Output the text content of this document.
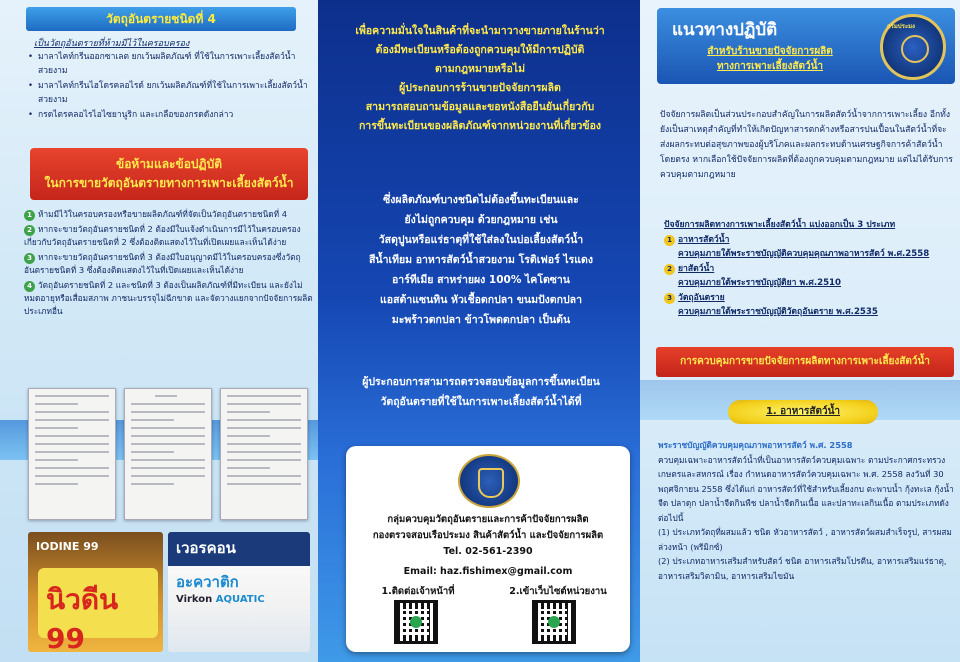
วัตถุอันตรายชนิดที่ 4
เป็นวัตถุอันตรายที่ห้ามมีไว้ในครอบครอง
• มาลาไคท์กรีนออกซาเลต ยกเว้นผลิตภัณฑ์ ที่ใช้ในการเพาะเลี้ยงสัตว์น้ำสวยงาม
• มาลาไคท์กรีนไฮโดรคลอไรด์ ยกเว้นผลิตภัณฑ์ที่ใช้ในการเพาะเลี้ยงสัตว์น้ำสวยงาม
• กรดไตรคลอไรไอไซยานูริก และเกลือของกรดดังกล่าว
ข้อห้ามและข้อปฏิบัติ
ในการขายวัตถุอันตรายทางการเพาะเลี้ยงสัตว์น้ำ
1 ห้ามมีไว้ในครอบครองหรือขายผลิตภัณฑ์ที่จัดเป็นวัตถุอันตรายชนิดที่ 4
2 หากจะขายวัตถุอันตรายชนิดที่ 2 ต้องมีใบแจ้งดำเนินการมีไว้ในครอบครองเกี่ยวกับวัตถุอันตรายชนิดที่ 2 ซึ่งต้องติดแสดงไว้ในที่เปิดเผยและเห็นได้ง่าย
3 หากจะขายวัตถุอันตรายชนิดที่ 3 ต้องมีใบอนุญาตมีไว้ในครอบครองซึ่งวัตถุอันตรายชนิดที่ 3 ซึ่งต้องติดแสดงไว้ในที่เปิดเผยและเห็นได้ง่าย
4 วัตถุอันตรายชนิดที่ 2 และชนิดที่ 3 ต้องเป็นผลิตภัณฑ์ที่มีทะเบียน และยังไม่หมดอายุหรือเสื่อมสภาพ ภาชนะบรรจุไม่ฉีกขาด และจัดวางแยกจากปัจจัยการผลิตประเภทอื่น
IODINE 99
นิวดีน 99
เวอรคอน
อะควาติก
Virkon AQUATIC
เพื่อความมั่นใจในสินค้าที่จะนำมาวางขายภายในร้านว่า
ต้องมีทะเบียนหรือต้องถูกควบคุมให้มีการปฏิบัติ
ตามกฎหมายหรือไม่
ผู้ประกอบการร้านขายปัจจัยการผลิต
สามารถสอบถามข้อมูลและขอหนังสือยืนยันเกี่ยวกับ
การขึ้นทะเบียนของผลิตภัณฑ์จากหน่วยงานที่เกี่ยวข้อง
ซึ่งผลิตภัณฑ์บางชนิดไม่ต้องขึ้นทะเบียนและ
ยังไม่ถูกควบคุม ด้วยกฎหมาย เช่น
วัสดุปูนหรือแร่ธาตุที่ใช้ใส่ลงในบ่อเลี้ยงสัตว์น้ำ
สีน้ำเทียม อาหารสัตว์น้ำสวยงาม โรติเฟอร์ ไรแดง
อาร์ทีเมีย สาหร่ายผง 100% ไคโตซาน
แอสต้าแซนทิน หัวเชื้อตกปลา ขนมปังตกปลา
มะพร้าวตกปลา ข้าวโพดตกปลา เป็นต้น
ผู้ประกอบการสามารถตรวจสอบข้อมูลการขึ้นทะเบียน
วัตถุอันตรายที่ใช้ในการเพาะเลี้ยงสัตว์น้ำได้ที่
กลุ่มควบคุมวัตถุอันตรายและการค้าปัจจัยการผลิต
กองตรวจสอบเรือประมง สินค้าสัตว์น้ำ และปัจจัยการผลิต
Tel. 02-561-2390
Email: haz.fishimex@gmail.com
1.ติดต่อเจ้าหน้าที่	2.เข้าเว็บไซต์หน่วยงาน
แนวทางปฏิบัติ
สำหรับร้านขายปัจจัยการผลิต
ทางการเพาะเลี้ยงสัตว์น้ำ
กรมประมง
ปัจจัยการผลิตเป็นส่วนประกอบสำคัญในการผลิตสัตว์น้ำจากการเพาะเลี้ยง อีกทั้งยังเป็นสาเหตุสำคัญที่ทำให้เกิดปัญหาสารตกค้างหรือสารปนเปื้อนในสัตว์น้ำที่จะส่งผลกระทบต่อสุขภาพของผู้บริโภคและผลกระทบด้านเศรษฐกิจการค้าสัตว์น้ำ โดยตรง หากเลือกใช้ปัจจัยการผลิตที่ต้องถูกควบคุมตามกฎหมาย แต่ไม่ได้รับการควบคุมตามกฎหมาย
ปัจจัยการผลิตทางการเพาะเลี้ยงสัตว์น้ำ แบ่งออกเป็น 3 ประเภท
1 อาหารสัตว์น้ำ
ควบคุมภายใต้พระราชบัญญัติควบคุมคุณภาพอาหารสัตว์ พ.ศ.2558
2 ยาสัตว์น้ำ
ควบคุมภายใต้พระราชบัญญัติยา พ.ศ.2510
3 วัตถุอันตราย
ควบคุมภายใต้พระราชบัญญัติวัตถุอันตราย พ.ศ.2535
การควบคุมการขายปัจจัยการผลิตทางการเพาะเลี้ยงสัตว์น้ำ
1. อาหารสัตว์น้ำ
พระราชบัญญัติควบคุมคุณภาพอาหารสัตว์ พ.ศ. 2558
ควบคุมเฉพาะอาหารสัตว์น้ำที่เป็นอาหารสัตว์ควบคุมเฉพาะ ตามประกาศกระทรวงเกษตรและสหกรณ์ เรื่อง กำหนดอาหารสัตว์ควบคุมเฉพาะ พ.ศ. 2558 ลงวันที่ 30 พฤศจิกายน 2558 ซึ่งได้แก่ อาหารสัตว์ที่ใช้สำหรับเลี้ยงกบ ตะพาบน้ำ กุ้งทะเล กุ้งน้ำจืด ปลาดุก ปลาน้ำจืดกินพืช ปลาน้ำจืดกินเนื้อ และปลาทะเลกินเนื้อ ตามประเภทดังต่อไปนี้
(1) ประเภทวัตถุที่ผสมแล้ว ชนิด หัวอาหารสัตว์ , อาหารสัตว์ผสมสำเร็จรูป, สารผสมล่วงหน้า (พรีมิกซ์)
(2) ประเภทอาหารเสริมสำหรับสัตว์ ชนิด อาหารเสริมโปรตีน, อาหารเสริมแร่ธาตุ, อาหารเสริมวิตามิน, อาหารเสริมไขมัน
